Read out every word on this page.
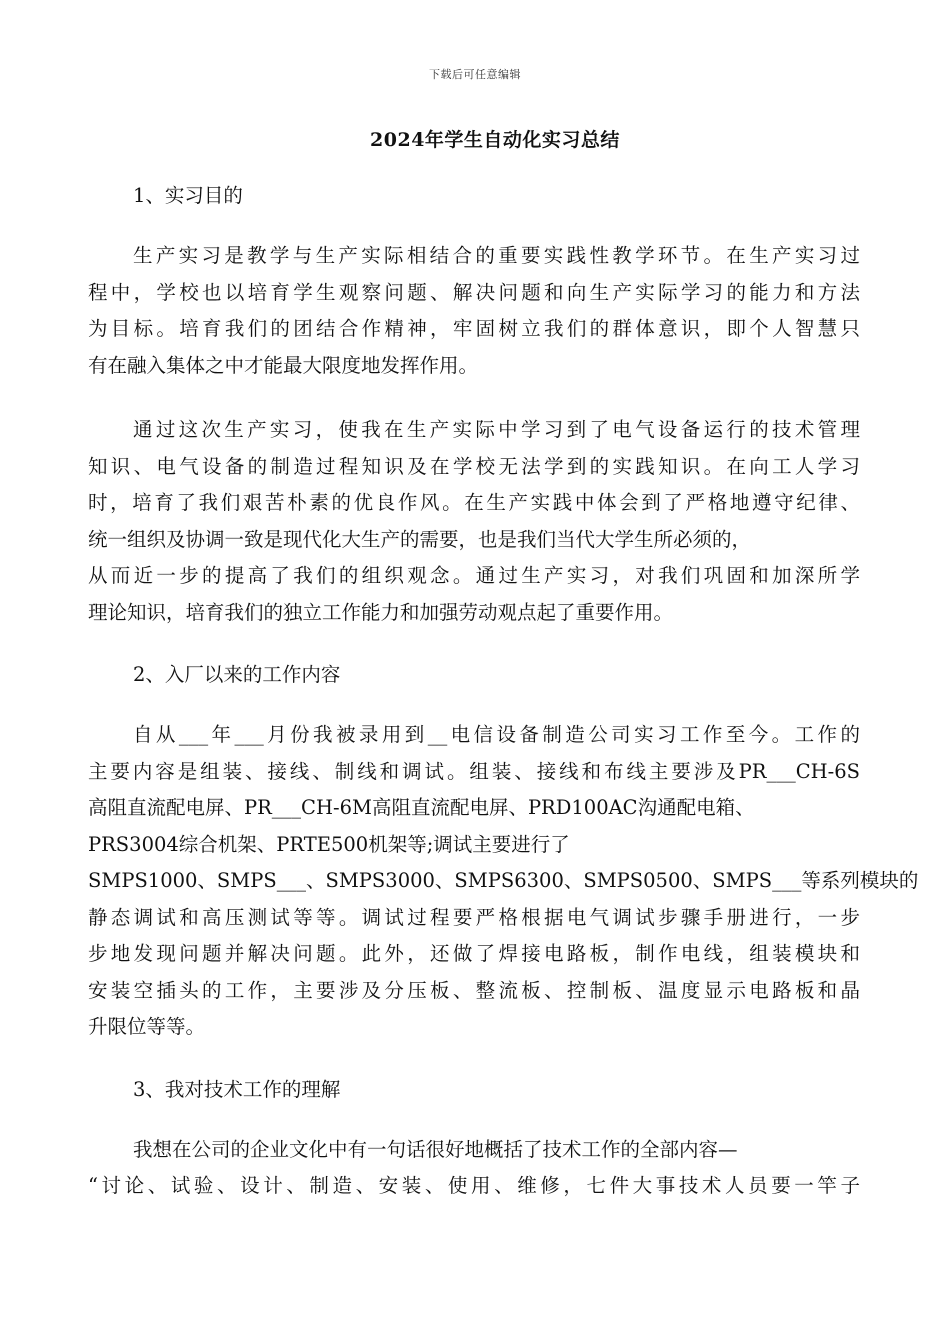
下载后可任意编辑
2024年学生自动化实习总结

1、实习目的

生产实习是教学与生产实际相结合的重要实践性教学环节。在生产实习过
程中，学校也以培育学生观察问题、解决问题和向生产实际学习的能力和方法
为目标。培育我们的团结合作精神，牢固树立我们的群体意识，即个人智慧只
有在融入集体之中才能最大限度地发挥作用。

通过这次生产实习，使我在生产实际中学习到了电气设备运行的技术管理
知识、电气设备的制造过程知识及在学校无法学到的实践知识。在向工人学习
时，培育了我们艰苦朴素的优良作风。在生产实践中体会到了严格地遵守纪律、
统一组织及协调一致是现代化大生产的需要，也是我们当代大学生所必须的，
从而近一步的提高了我们的组织观念。通过生产实习，对我们巩固和加深所学
理论知识，培育我们的独立工作能力和加强劳动观点起了重要作用。

2、入厂以来的工作内容

自从___年___月份我被录用到__电信设备制造公司实习工作至今。工作的
主要内容是组装、接线、制线和调试。组装、接线和布线主要涉及PR___CH-6S
高阻直流配电屏、PR___CH-6M高阻直流配电屏、PRD100AC沟通配电箱、
PRS3004综合机架、PRTE500机架等;调试主要进行了
SMPS1000、SMPS___、SMPS3000、SMPS6300、SMPS0500、SMPS___等系列模块的
静态调试和高压测试等等。调试过程要严格根据电气调试步骤手册进行，一步
步地发现问题并解决问题。此外，还做了焊接电路板，制作电线，组装模块和
安装空插头的工作，主要涉及分压板、整流板、控制板、温度显示电路板和晶
升限位等等。

3、我对技术工作的理解

我想在公司的企业文化中有一句话很好地概括了技术工作的全部内容—
“讨论、试验、设计、制造、安装、使用、维修，七件大事技术人员要一竿子
